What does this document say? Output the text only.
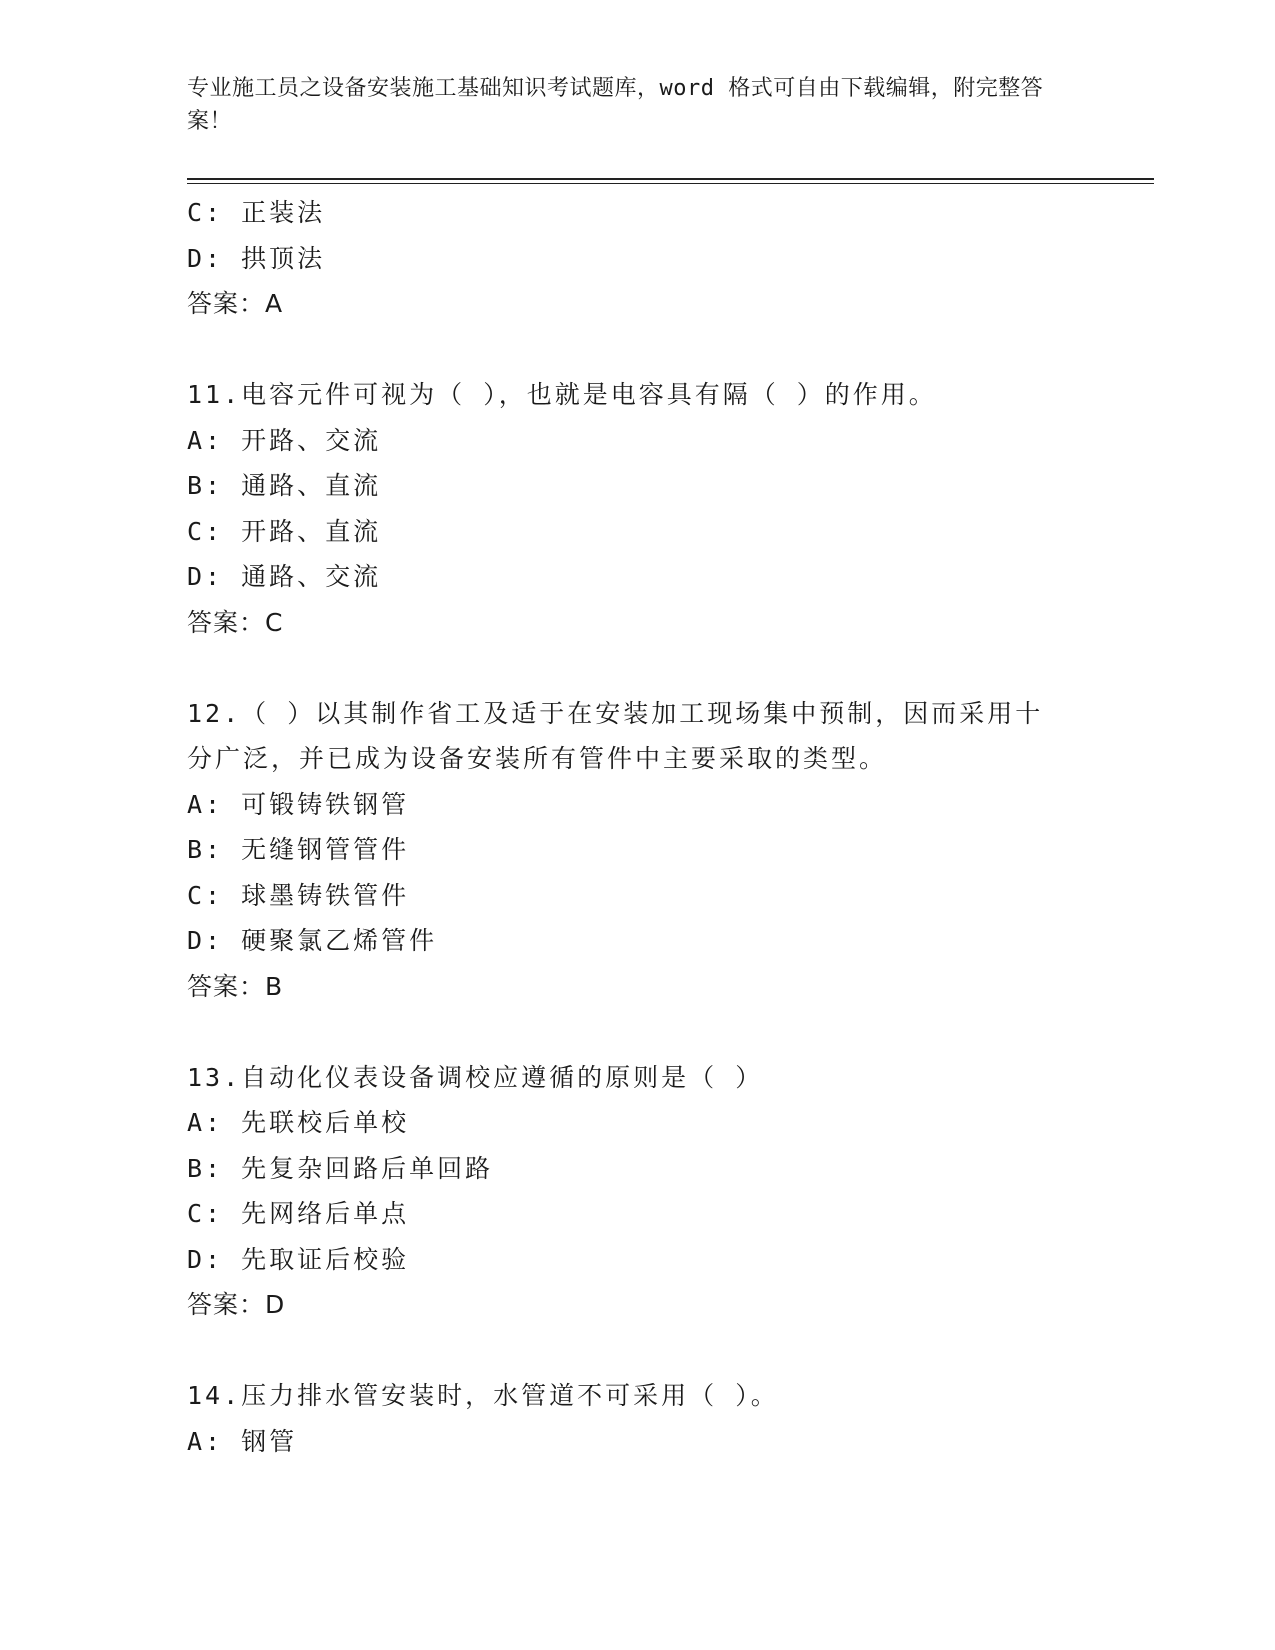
专业施工员之设备安装施工基础知识考试题库，word 格式可自由下载编辑，附完整答案！
C: 正装法
D: 拱顶法
答案：A
11.电容元件可视为（ ），也就是电容具有隔（ ）的作用。
A: 开路、交流
B: 通路、直流
C: 开路、直流
D: 通路、交流
答案：C
12.（ ）以其制作省工及适于在安装加工现场集中预制，因而采用十
分广泛，并已成为设备安装所有管件中主要采取的类型。
A: 可锻铸铁钢管
B: 无缝钢管管件
C: 球墨铸铁管件
D: 硬聚氯乙烯管件
答案：B
13.自动化仪表设备调校应遵循的原则是（ ）
A: 先联校后单校
B: 先复杂回路后单回路
C: 先网络后单点
D: 先取证后校验
答案：D
14.压力排水管安装时，水管道不可采用（ ）。
A: 钢管
